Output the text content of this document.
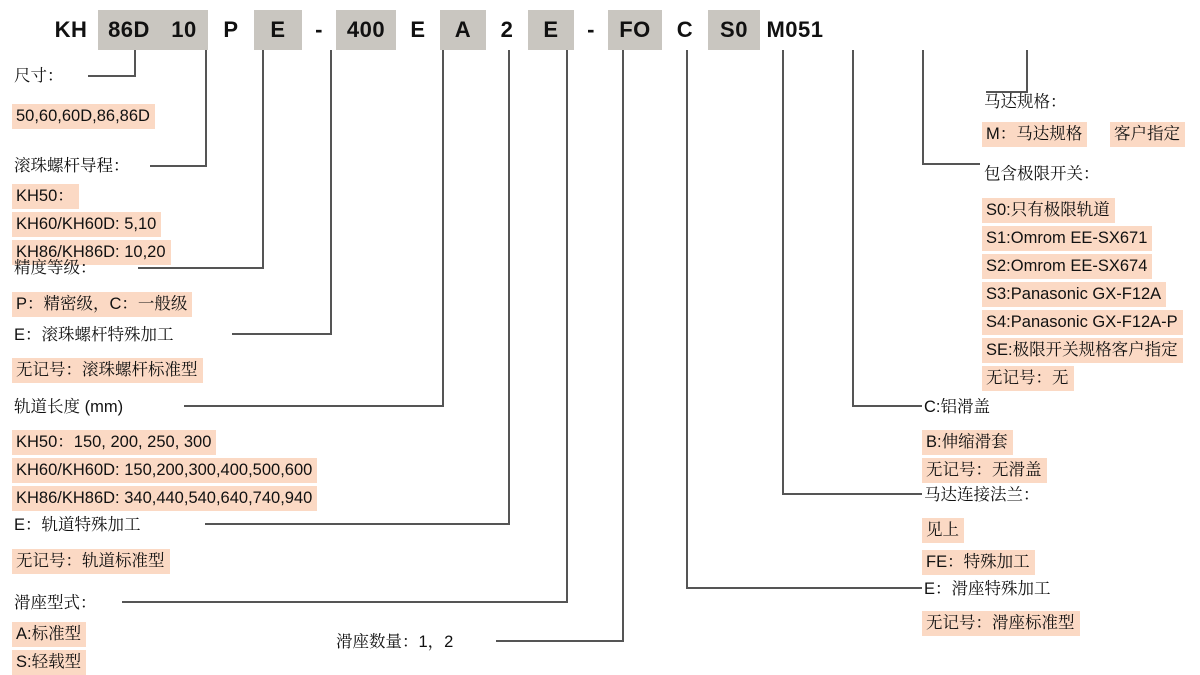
KH 86D 10	P	E	-	400	E	A	2	E	-	FO	C	S0 M051
尺寸：
50,60,60D,86,86D
滚珠螺杆导程：
KH50：
KH60/KH60D: 5,10
KH86/KH86D: 10,20
精度等级：
P：精密级，C：一般级
E：滚珠螺杆特殊加工
无记号：滚珠螺杆标准型
轨道长度 (mm)
KH50：150, 200, 250, 300
KH60/KH60D: 150,200,300,400,500,600
KH86/KH86D: 340,440,540,640,740,940
E：轨道特殊加工
无记号：轨道标准型
滑座型式：
A:标准型
S:轻载型
滑座数量：1，2
马达规格：
M：马达规格	客户指定
包含极限开关：
S0:只有极限轨道
S1:Omrom EE-SX671
S2:Omrom EE-SX674
S3:Panasonic GX-F12A
S4:Panasonic GX-F12A-P
SE:极限开关规格客户指定
无记号：无
C:铝滑盖
B:伸缩滑套
无记号：无滑盖
马达连接法兰：
见上
FE：特殊加工
E：滑座特殊加工
无记号：滑座标准型
